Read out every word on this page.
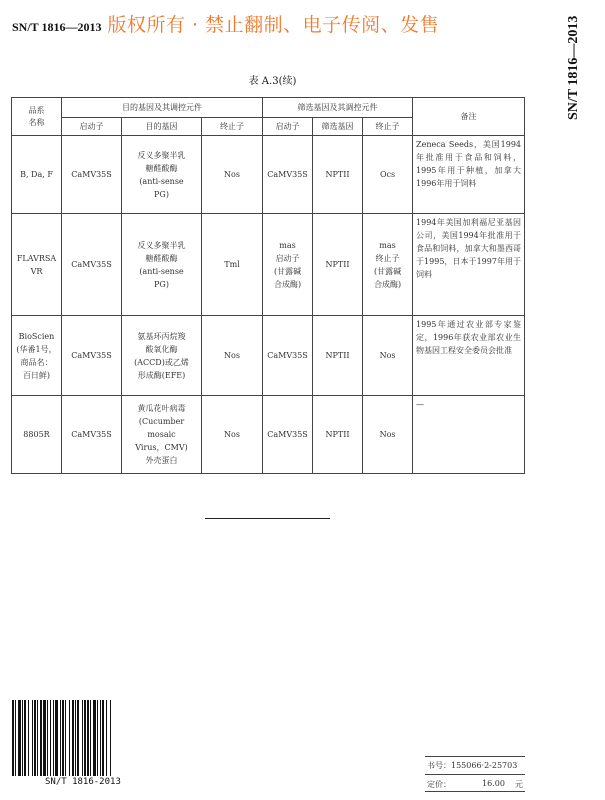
SN/T 1816—2013 版权所有 · 禁止翻制、电子传阅、发售	SN/T 1816—2013
表 A.3(续)
品系
名称	目的基因及其调控元件			筛选基因及其调控元件			备注
	启动子	目的基因	终止子	启动子	筛选基因	终止子	
B, Da, F	CaMV35S	反义多聚半乳
糖醛酸酶
(anti-sense
PG)	Nos	CaMV35S	NPTII	Ocs	Zeneca Seeds，美国1994年批准用于食品和饲料，1995年用于种植，加拿大1996年用于饲料
FLAVRSA
VR	CaMV35S	反义多聚半乳
糖醛酸酶
(anti-sense
PG)	Tml	mas
启动子
(甘露碱
合成酶)	NPTII	mas
终止子
(甘露碱
合成酶)	1994年美国加利福尼亚基因公司，美国1994年批准用于食品和饲料，加拿大和墨西哥于1995，日本于1997年用于饲料
BioScien
(华番1号，
商品名：
百日鲜)	CaMV35S	氨基环丙烷羧
酸氧化酶
(ACCD)或乙烯
形成酶(EFE)	Nos	CaMV35S	NPTII	Nos	1995年通过农业部专家鉴定，1996年获农业部农业生物基因工程安全委员会批准
8805R	CaMV35S	黄瓜花叶病毒
(Cucumber mosaic
Virus，CMV)
外壳蛋白	Nos	CaMV35S	NPTII	Nos	—
SN/T 1816-2013
书号：155066·2-25703
定价：	16.00 元
